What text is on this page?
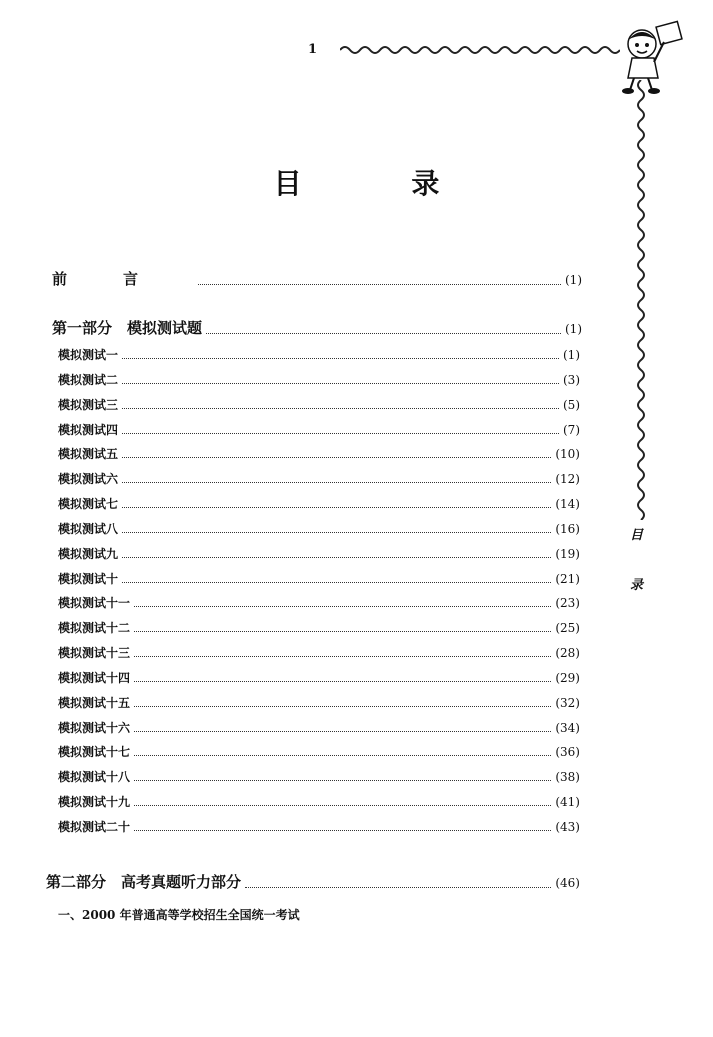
1
目
录
目 录
前言	(1)
第一部分　模拟测试题	(1)
模拟测试一	(1)
模拟测试二	(3)
模拟测试三	(5)
模拟测试四	(7)
模拟测试五	(10)
模拟测试六	(12)
模拟测试七	(14)
模拟测试八	(16)
模拟测试九	(19)
模拟测试十	(21)
模拟测试十一	(23)
模拟测试十二	(25)
模拟测试十三	(28)
模拟测试十四	(29)
模拟测试十五	(32)
模拟测试十六	(34)
模拟测试十七	(36)
模拟测试十八	(38)
模拟测试十九	(41)
模拟测试二十	(43)
第二部分　高考真题听力部分	(46)
一、2000 年普通高等学校招生全国统一考试
